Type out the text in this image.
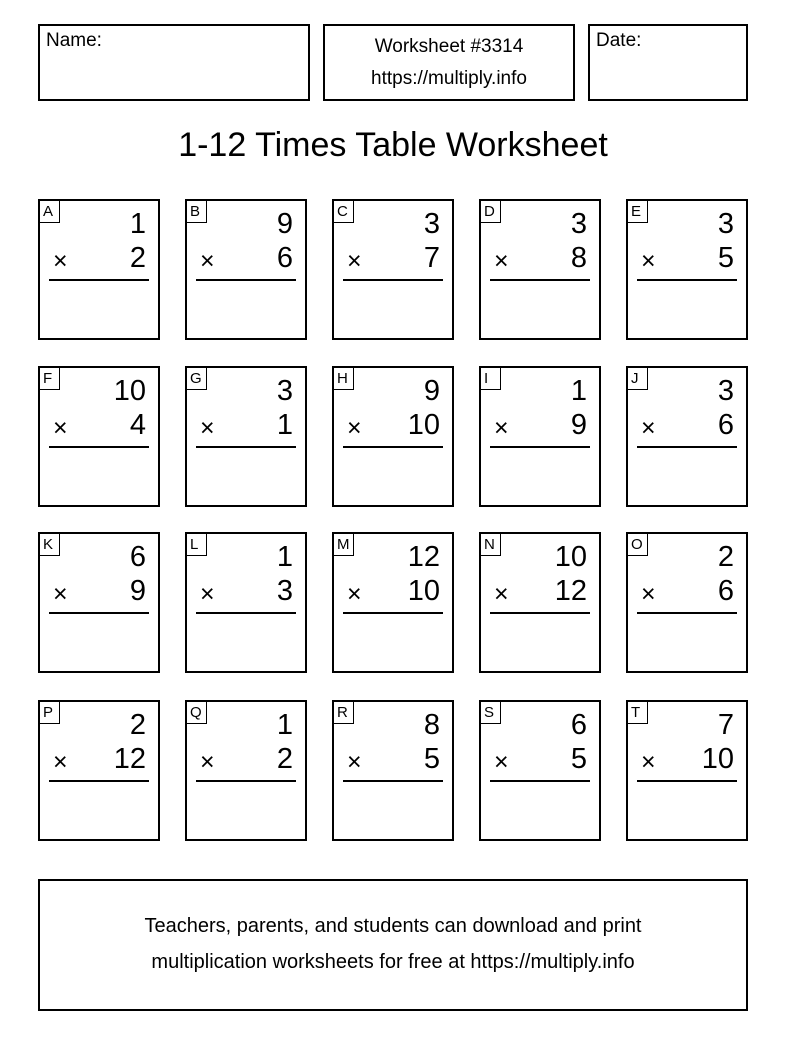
Name:	Worksheet #3314
https://multiply.info
Date:
1-12 Times Table Worksheet
A	1
× 2
B	9
× 6
C	3
× 7
D	3
× 8
E	3
× 5
F 10
× 4
G	3
× 1
H	9
× 10
I	1
× 9
J	3
× 6
K	6
× 9
L	1
× 3
M 12
× 10
N 10
× 12
O	2
× 6
P	2
× 12
Q	1
× 2
R	8
× 5
S	6
× 5
T	7
× 10
Teachers, parents, and students can download and print
multiplication worksheets for free at https://multiply.info
